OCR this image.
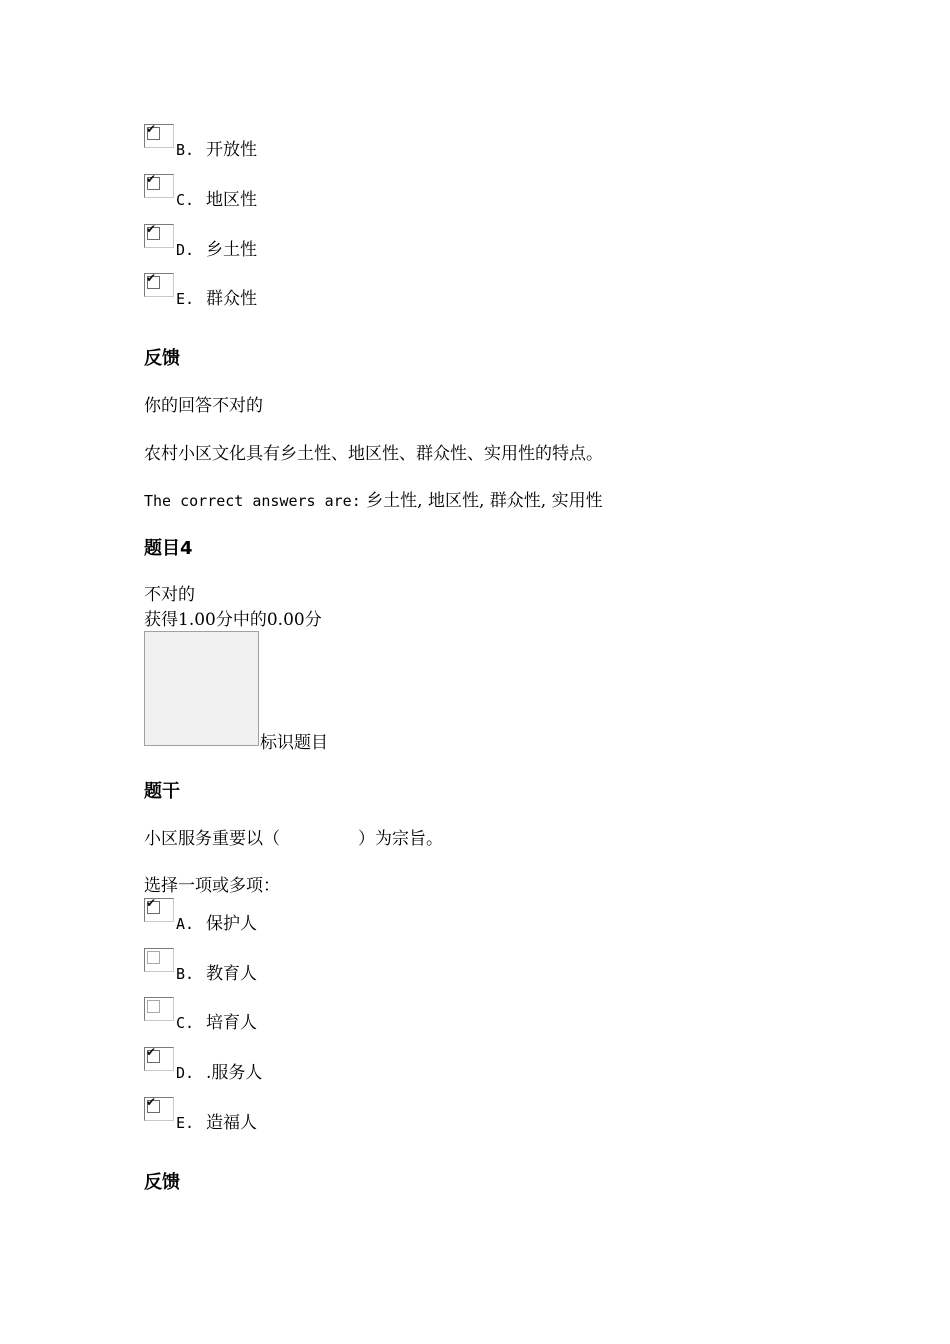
✔
B. 开放性
✔
C. 地区性
✔
D. 乡土性
✔
E. 群众性
反馈
你的回答不对的
农村小区文化具有乡土性、地区性、群众性、实用性的特点。
The correct answers are: 乡土性, 地区性, 群众性, 实用性
题目4
不对的
获得1.00分中的0.00分
标识题目
题干
小区服务重要以（	）为宗旨。
选择一项或多项：
✔
A. 保护人
B. 教育人
C. 培育人
✔
D. .服务人
✔
E. 造福人
反馈
